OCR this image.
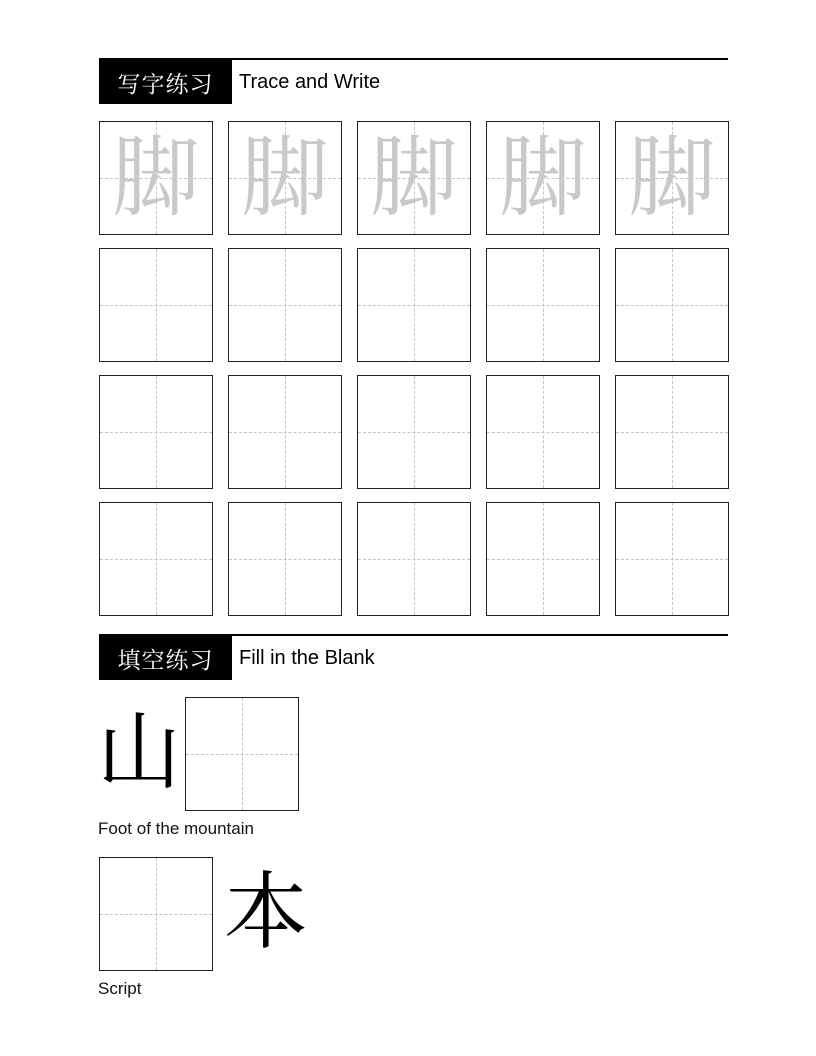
写字练习	Trace and Write
脚 脚 脚 脚 脚
填空练习	Fill in the Blank
山
Foot of the mountain
本
Script
